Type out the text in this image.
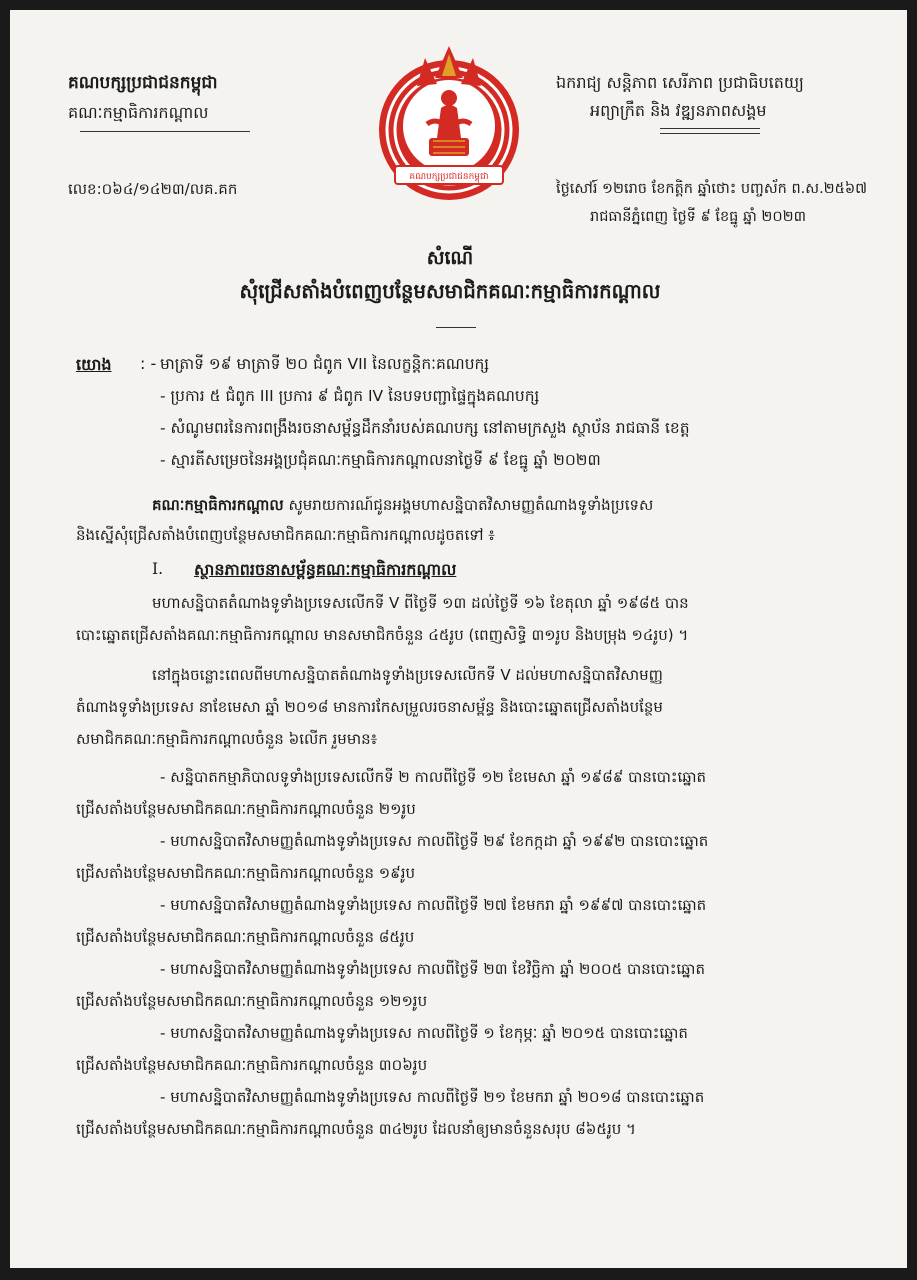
គណបក្សប្រជាជនកម្ពុជា
គណៈកម្មាធិការកណ្តាល
លេខ:០៦៤/១៤២៣/លគ.គក
គណបក្សប្រជាជនកម្ពុជា
ឯករាជ្យ សន្តិភាព សេរីភាព ប្រជាធិបតេយ្យ
អព្យាក្រឹត និង វឌ្ឍនភាពសង្គម
ថ្ងៃសៅរ៍ ១២រោច ខែកត្តិក ឆ្នាំថោះ បញ្ចស័ក ព.ស.២៥៦៧
រាជធានីភ្នំពេញ ថ្ងៃទី ៩ ខែធ្នូ ឆ្នាំ ២០២៣
សំណើ
សុំជ្រើសតាំងបំពេញបន្ថែមសមាជិកគណៈកម្មាធិការកណ្តាល
យោង : - មាត្រាទី ១៩ មាត្រាទី ២០ ជំពូក VII នៃលក្ខន្តិកៈគណបក្ស
- ប្រការ ៥ ជំពូក III ប្រការ ៩ ជំពូក IV នៃបទបញ្ជាផ្ទៃក្នុងគណបក្ស
- សំណូមពរនៃការពង្រឹងរចនាសម្ព័ន្ធដឹកនាំរបស់គណបក្ស នៅតាមក្រសួង ស្ថាប័ន រាជធានី ខេត្ត
- ស្មារតីសម្រេចនៃអង្គប្រជុំគណៈកម្មាធិការកណ្តាលនាថ្ងៃទី ៩ ខែធ្នូ ឆ្នាំ ២០២៣
គណៈកម្មាធិការកណ្តាល សូមរាយការណ៍ជូនអង្គមហាសន្និបាតវិសាមញ្ញតំណាងទូទាំងប្រទេស
និងស្នើសុំជ្រើសតាំងបំពេញបន្ថែមសមាជិកគណៈកម្មាធិការកណ្តាលដូចតទៅ ៖
I. ស្ថានភាពរចនាសម្ព័ន្ធគណៈកម្មាធិការកណ្តាល
មហាសន្និបាតតំណាងទូទាំងប្រទេសលើកទី V ពីថ្ងៃទី ១៣ ដល់ថ្ងៃទី ១៦ ខែតុលា ឆ្នាំ ១៩៨៥ បាន
បោះឆ្នោតជ្រើសតាំងគណៈកម្មាធិការកណ្តាល មានសមាជិកចំនួន ៤៥រូប (ពេញសិទ្ធិ ៣១រូប និងបម្រុង ១៤រូប) ។
នៅក្នុងចន្លោះពេលពីមហាសន្និបាតតំណាងទូទាំងប្រទេសលើកទី V ដល់មហាសន្និបាតវិសាមញ្ញ
តំណាងទូទាំងប្រទេស នាខែមេសា ឆ្នាំ ២០១៨ មានការកែសម្រួលរចនាសម្ព័ន្ធ និងបោះឆ្នោតជ្រើសតាំងបន្ថែម
សមាជិកគណៈកម្មាធិការកណ្តាលចំនួន ៦លើក រួមមាន៖
- សន្និបាតកម្មាភិបាលទូទាំងប្រទេសលើកទី ២ កាលពីថ្ងៃទី ១២ ខែមេសា ឆ្នាំ ១៩៨៩ បានបោះឆ្នោត
ជ្រើសតាំងបន្ថែមសមាជិកគណៈកម្មាធិការកណ្តាលចំនួន ២១រូប
- មហាសន្និបាតវិសាមញ្ញតំណាងទូទាំងប្រទេស កាលពីថ្ងៃទី ២៩ ខែកក្កដា ឆ្នាំ ១៩៩២ បានបោះឆ្នោត
ជ្រើសតាំងបន្ថែមសមាជិកគណៈកម្មាធិការកណ្តាលចំនួន ១៩រូប
- មហាសន្និបាតវិសាមញ្ញតំណាងទូទាំងប្រទេស កាលពីថ្ងៃទី ២៧ ខែមករា ឆ្នាំ ១៩៩៧ បានបោះឆ្នោត
ជ្រើសតាំងបន្ថែមសមាជិកគណៈកម្មាធិការកណ្តាលចំនួន ៨៥រូប
- មហាសន្និបាតវិសាមញ្ញតំណាងទូទាំងប្រទេស កាលពីថ្ងៃទី ២៣ ខែវិច្ឆិកា ឆ្នាំ ២០០៥ បានបោះឆ្នោត
ជ្រើសតាំងបន្ថែមសមាជិកគណៈកម្មាធិការកណ្តាលចំនួន ១២១រូប
- មហាសន្និបាតវិសាមញ្ញតំណាងទូទាំងប្រទេស កាលពីថ្ងៃទី ១ ខែកុម្ភៈ ឆ្នាំ ២០១៥ បានបោះឆ្នោត
ជ្រើសតាំងបន្ថែមសមាជិកគណៈកម្មាធិការកណ្តាលចំនួន ៣០៦រូប
- មហាសន្និបាតវិសាមញ្ញតំណាងទូទាំងប្រទេស កាលពីថ្ងៃទី ២១ ខែមករា ឆ្នាំ ២០១៨ បានបោះឆ្នោត
ជ្រើសតាំងបន្ថែមសមាជិកគណៈកម្មាធិការកណ្តាលចំនួន ៣៤២រូប ដែលនាំឲ្យមានចំនួនសរុប ៨៦៥រូប ។
